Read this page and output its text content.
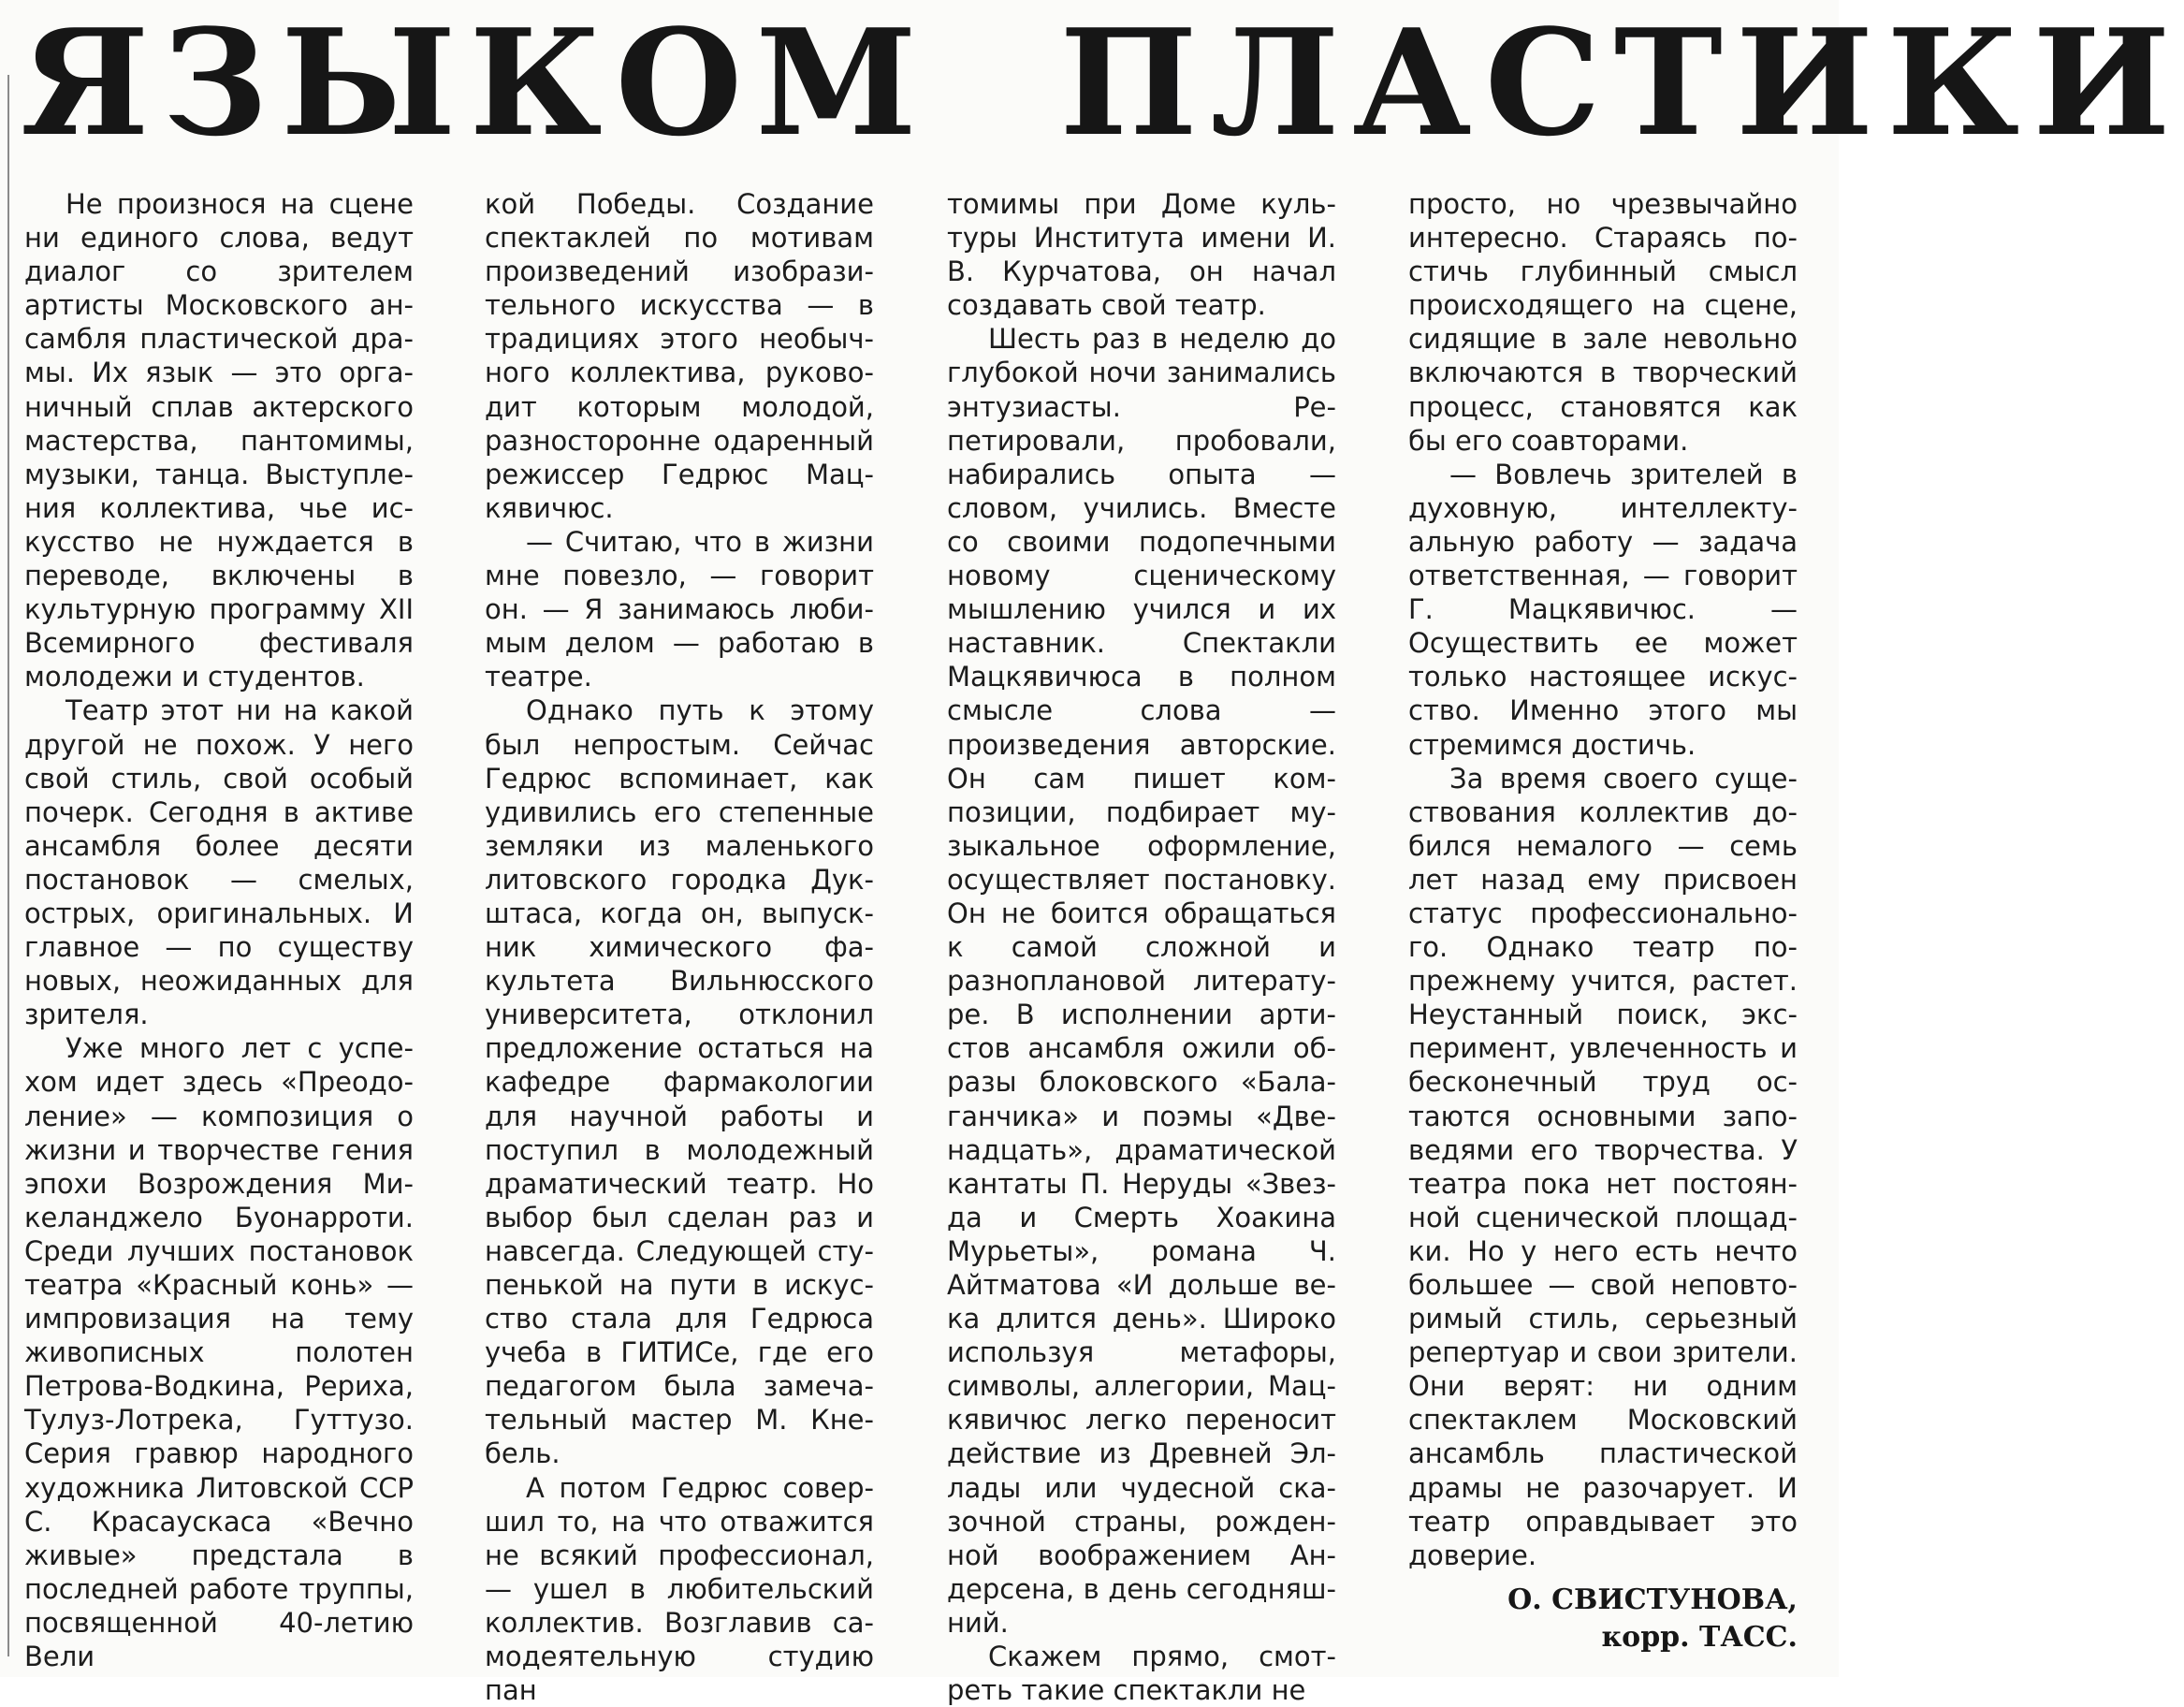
ЯЗЫКОМ ПЛАСТИКИ

Не произнося на сцене ни единого слова, ведут диалог со зрителем артисты Московского ансамбля пластической драмы. Их язык — это органичный сплав актерского мастерства, пантомимы, музыки, танца. Выступления коллектива, чье искусство не нуждается в переводе, включены в культурную программу XII Всемирного фестиваля молодежи и студентов.

Театр этот ни на какой другой не похож. У него свой стиль, свой особый почерк. Сегодня в активе ансамбля более десяти постановок — смелых, острых, оригинальных. И главное — по существу новых, неожиданных для зрителя.

Уже много лет с успехом идет здесь «Преодоление» — композиция о жизни и творчестве гения эпохи Возрождения Микеланджело Буонарроти. Среди лучших постановок театра «Красный конь» — импровизация на тему живописных полотен Петрова-Водкина, Рериха, Тулуз-Лотрека, Гуттузо. Серия гравюр народного художника Литовской ССР С. Красаускаса «Вечно живые» предстала в последней работе труппы, посвященной 40-летию Вели

кой Победы. Создание спектаклей по мотивам произведений изобразительного искусства — в традициях этого необычного коллектива, руководит которым молодой, разносторонне одаренный режиссер Гедрюс Мацкявичюс.

— Считаю, что в жизни мне повезло, — говорит он. — Я занимаюсь любимым делом — работаю в театре.

Однако путь к этому был непростым. Сейчас Гедрюс вспоминает, как удивились его степенные земляки из маленького литовского городка Дукштаса, когда он, выпускник химического факультета Вильнюсского университета, отклонил предложение остаться на кафедре фармакологии для научной работы и поступил в молодежный драматический театр. Но выбор был сделан раз и навсегда. Следующей ступенькой на пути в искусство стала для Гедрюса учеба в ГИТИСе, где его педагогом была замечательный мастер М. Кнебель.

А потом Гедрюс совершил то, на что отважится не всякий профессионал, — ушел в любительский коллектив. Возглавив самодеятельную студию пан

томимы при Доме культуры Института имени И. В. Курчатова, он начал создавать свой театр.

Шесть раз в неделю до глубокой ночи занимались энтузиасты. Репетировали, пробовали, набирались опыта — словом, учились. Вместе со своими подопечными новому сценическому мышлению учился и их наставник. Спектакли Мацкявичюса в полном смысле слова — произведения авторские. Он сам пишет композиции, подбирает музыкальное оформление, осуществляет постановку. Он не боится обращаться к самой сложной и разноплановой литературе. В исполнении артистов ансамбля ожили образы блоковского «Балаганчика» и поэмы «Двенадцать», драматической кантаты П. Неруды «Звезда и Смерть Хоакина Мурьеты», романа Ч. Айтматова «И дольше века длится день». Широко используя метафоры, символы, аллегории, Мацкявичюс легко переносит действие из Древней Эллады или чудесной сказочной страны, рожденной воображением Андерсена, в день сегодняшний.

Скажем прямо, смотреть такие спектакли не

просто, но чрезвычайно интересно. Стараясь постичь глубинный смысл происходящего на сцене, сидящие в зале невольно включаются в творческий процесс, становятся как бы его соавторами.

— Вовлечь зрителей в духовную, интеллектуальную работу — задача ответственная, — говорит Г. Мацкявичюс. — Осуществить ее может только настоящее искусство. Именно этого мы стремимся достичь.

За время своего существования коллектив добился немалого — семь лет назад ему присвоен статус профессионального. Однако театр по-прежнему учится, растет. Неустанный поиск, эксперимент, увлеченность и бесконечный труд остаются основными заповедями его творчества. У театра пока нет постоянной сценической площадки. Но у него есть нечто большее — свой неповторимый стиль, серьезный репертуар и свои зрители. Они верят: ни одним спектаклем Московский ансамбль пластической драмы не разочарует. И театр оправдывает это доверие.

О. СВИСТУНОВА,
корр. ТАСС.
